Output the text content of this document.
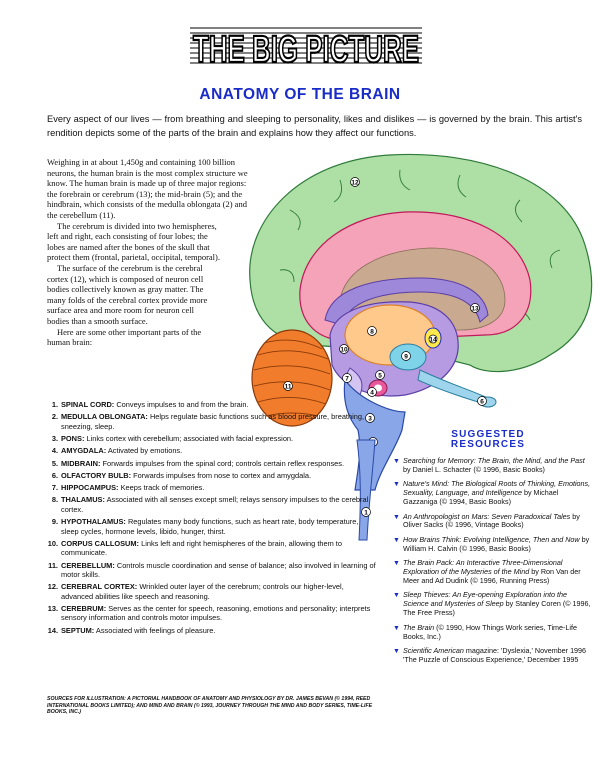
THE BIG PICTURE
ANATOMY OF THE BRAIN
Every aspect of our lives — from breathing and sleeping to personality, likes and dislikes — is governed by the brain. This artist's rendition depicts some of the parts of the brain and explains how they affect our functions.

Weighing in at about 1,450g and containing 100 billion neurons, the human brain is the most complex structure we know. The human brain is made up of three major regions: the forebrain or cerebrum (13); the mid-brain (5); and the hindbrain, which consists of the medulla oblongata (2) and the cerebellum (11).

The cerebrum is divided into two hemispheres, left and right, each consisting of four lobes; the lobes are named after the bones of the skull that protect them (frontal, parietal, occipital, temporal).

The surface of the cerebrum is the cerebral cortex (12), which is composed of neuron cell bodies collectively known as gray matter. The many folds of the cerebral cortex provide more surface area and more room for neuron cell bodies than a smooth surface.

Here are some other important parts of the human brain:

12
13
8
14
9
10
7
4
6
5
3
11
1
1. SPINAL CORD: Conveys impulses to and from the brain.
2. MEDULLA OBLONGATA: Helps regulate basic functions such as blood pressure, breathing, sneezing, sleep.
3. PONS: Links cortex with cerebellum; associated with facial expression.
4. AMYGDALA: Activated by emotions.
5. MIDBRAIN: Forwards impulses from the spinal cord; controls certain reflex responses.
6. OLFACTORY BULB: Forwards impulses from nose to cortex and amygdala.
7. HIPPOCAMPUS: Keeps track of memories.
8. THALAMUS: Associated with all senses except smell; relays sensory impulses to the cerebral cortex.
9. HYPOTHALAMUS: Regulates many body functions, such as heart rate, body temperature, sleep cycles, hormone levels, libido, hunger, thirst.
10. CORPUS CALLOSUM: Links left and right hemispheres of the brain, allowing them to communicate.
11. CEREBELLUM: Controls muscle coordination and sense of balance; also involved in learning of motor skills.
12. CEREBRAL CORTEX: Wrinkled outer layer of the cerebrum; controls our higher-level, advanced abilities like speech and reasoning.
13. CEREBRUM: Serves as the center for speech, reasoning, emotions and personality; interprets sensory information and controls motor impulses.
14. SEPTUM: Associated with feelings of pleasure.
SOURCES FOR ILLUSTRATION: A PICTORIAL HANDBOOK OF ANATOMY AND PHYSIOLOGY BY DR. JAMES BEVAN (© 1994, REED INTERNATIONAL BOOKS LIMITED); AND MIND AND BRAIN (© 1993, JOURNEY THROUGH THE MIND AND BODY SERIES, TIME-LIFE BOOKS, INC.)
SUGGESTED
RESOURCES
▼ Searching for Memory: The Brain, the Mind, and the Past by Daniel L. Schacter (© 1996, Basic Books)
▼ Nature's Mind: The Biological Roots of Thinking, Emotions, Sexuality, Language, and Intelligence by Michael Gazzaniga (© 1994, Basic Books)
▼ An Anthropologist on Mars: Seven Paradoxical Tales by Oliver Sacks (© 1996, Vintage Books)
▼ How Brains Think: Evolving Intelligence, Then and Now by William H. Calvin (© 1996, Basic Books)
▼ The Brain Pack: An Interactive Three-Dimensional Exploration of the Mysteries of the Mind by Ron Van der Meer and Ad Dudink (© 1996, Running Press)
▼ Sleep Thieves: An Eye-opening Exploration into the Science and Mysteries of Sleep by Stanley Coren (© 1996, The Free Press)
▼ The Brain (© 1990, How Things Work series, Time-Life Books, Inc.)
▼ Scientific American magazine: 'Dyslexia,' November 1996 'The Puzzle of Conscious Experience,' December 1995
